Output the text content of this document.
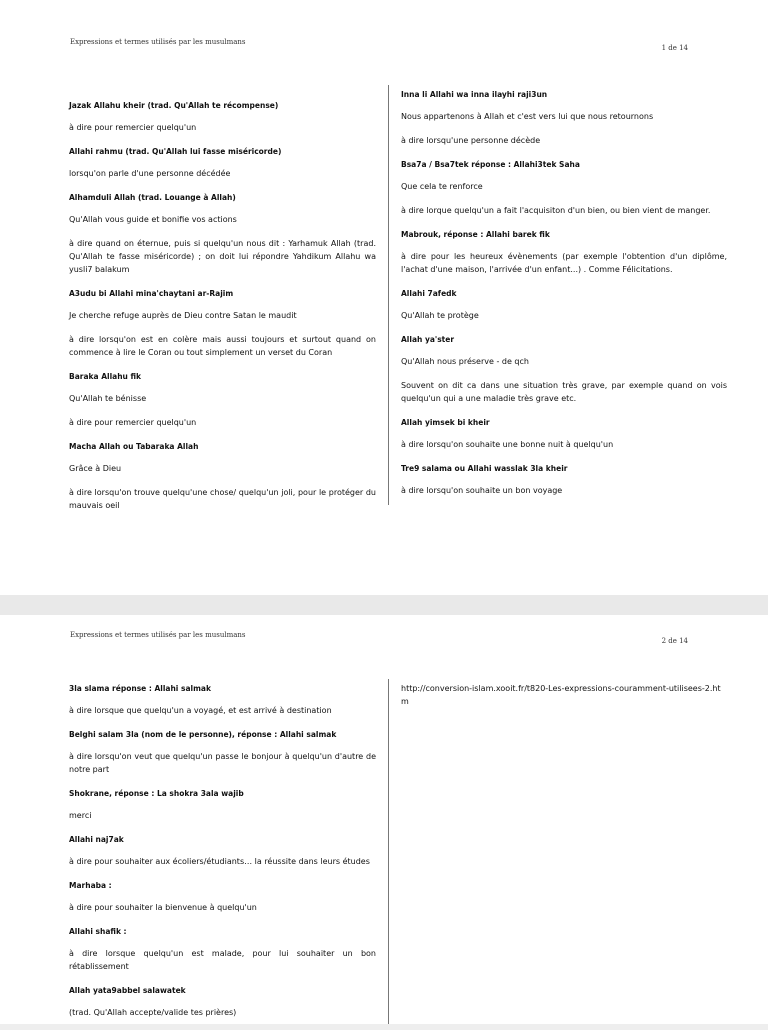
Expressions et termes utilisés par les musulmans
1 de 14

Jazak Allahu kheir (trad. Qu'Allah te récompense)

à dire pour remercier quelqu'un

Allahi rahmu (trad. Qu'Allah lui fasse miséricorde)

lorsqu'on parle d'une personne décédée

Alhamduli Allah (trad. Louange à Allah)

Qu'Allah vous guide et bonifie vos actions

à dire quand on éternue, puis si quelqu'un nous dit : Yarhamuk Allah (trad. Qu'Allah te fasse miséricorde) ; on doit lui répondre Yahdikum Allahu wa yusli7 balakum

A3udu bi Allahi mina'chaytani ar-Rajim

Je cherche refuge auprès de Dieu contre Satan le maudit

à dire lorsqu'on est en colère mais aussi toujours et surtout quand on commence à lire le Coran ou tout simplement un verset du Coran

Baraka Allahu fik

Qu'Allah te bénisse

à dire pour remercier quelqu'un

Macha Allah ou Tabaraka Allah

Grâce à Dieu

à dire lorsqu'on trouve quelqu'une chose/ quelqu'un joli, pour le protéger du mauvais oeil

Inna li Allahi wa inna ilayhi raji3un

Nous appartenons à Allah et c'est vers lui que nous retournons

à dire lorsqu'une personne décède

Bsa7a / Bsa7tek réponse : Allahi3tek Saha

Que cela te renforce

à dire lorque quelqu'un a fait l'acquisiton d'un bien, ou bien vient de manger.

Mabrouk, réponse : Allahi barek fik

à dire pour les heureux évènements (par exemple l'obtention d'un diplôme, l'achat d'une maison, l'arrivée d'un enfant...) . Comme Félicitations.

Allahi 7afedk

Qu'Allah te protège

Allah ya'ster

Qu'Allah nous préserve - de qch

Souvent on dit ca dans une situation très grave, par exemple quand on vois quelqu'un qui a une maladie très grave etc.

Allah yimsek bi kheir

à dire lorsqu'on souhaite une bonne nuit à quelqu'un

Tre9 salama ou Allahi wasslak 3la kheir

à dire lorsqu'on souhaite un bon voyage

Expressions et termes utilisés par les musulmans
2 de 14

3la slama réponse : Allahi salmak

à dire lorsque que quelqu'un a voyagé, et est arrivé à destination

Belghi salam 3la (nom de le personne), réponse : Allahi salmak

à dire lorsqu'on veut que quelqu'un passe le bonjour à quelqu'un d'autre de notre part

Shokrane, réponse : La shokra 3ala wajib

merci

Allahi naj7ak

à dire pour souhaiter aux écoliers/étudiants… la réussite dans leurs études

Marhaba :

à dire pour souhaiter la bienvenue à quelqu'un

Allahi shafik :

à dire lorsque quelqu'un est malade, pour lui souhaiter un bon rétablissement

Allah yata9abbel salawatek

(trad. Qu'Allah accepte/valide tes prières)

http://conversion-islam.xooit.fr/t820-Les-expressions-couramment-utilisees-2.htm
